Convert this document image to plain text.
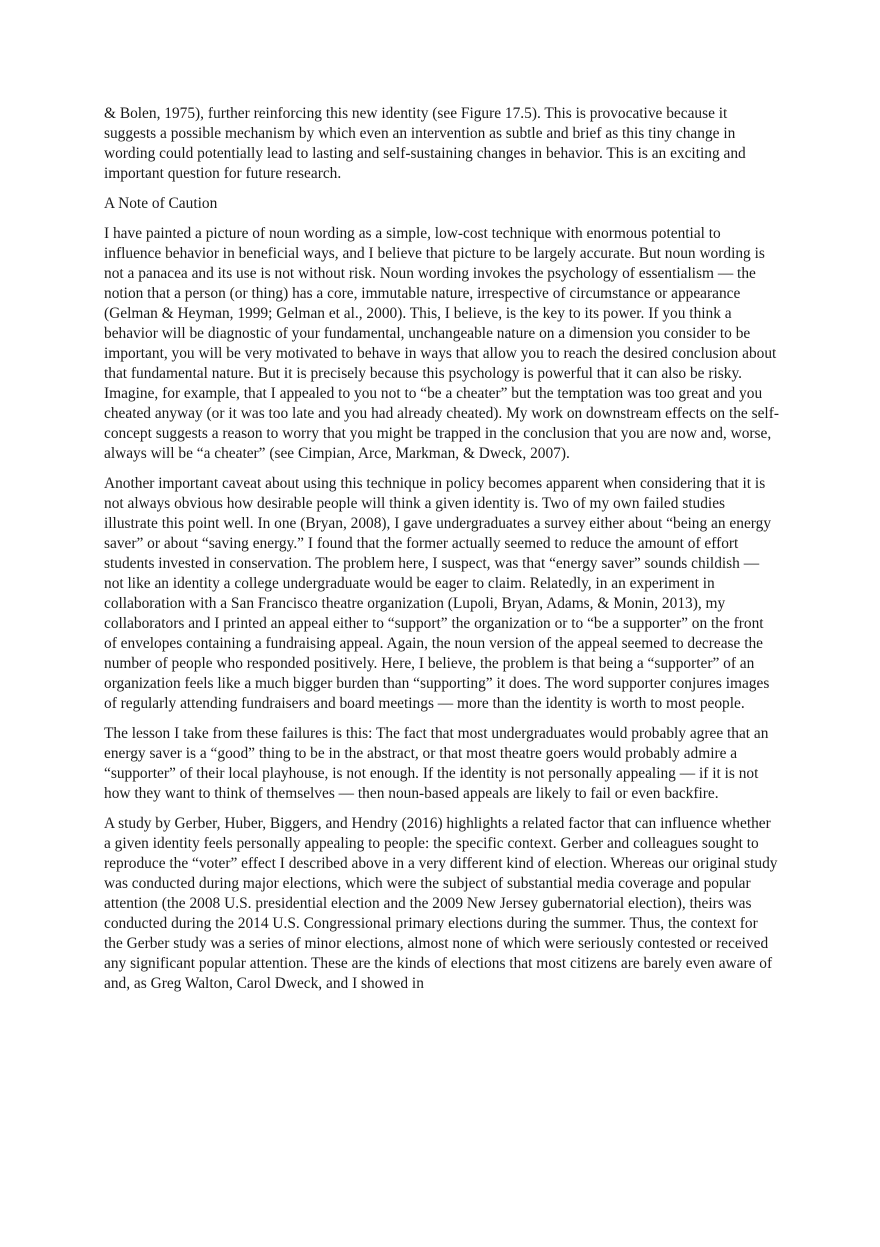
& Bolen, 1975), further reinforcing this new identity (see Figure 17.5). This is provocative because it suggests a possible mechanism by which even an intervention as subtle and brief as this tiny change in wording could potentially lead to lasting and self-sustaining changes in behavior. This is an exciting and important question for future research.

A Note of Caution

I have painted a picture of noun wording as a simple, low-cost technique with enormous potential to influence behavior in beneficial ways, and I believe that picture to be largely accurate. But noun wording is not a panacea and its use is not without risk. Noun wording invokes the psychology of essentialism — the notion that a person (or thing) has a core, immutable nature, irrespective of circumstance or appearance (Gelman & Heyman, 1999; Gelman et al., 2000). This, I believe, is the key to its power. If you think a behavior will be diagnostic of your fundamental, unchangeable nature on a dimension you consider to be important, you will be very motivated to behave in ways that allow you to reach the desired conclusion about that fundamental nature. But it is precisely because this psychology is powerful that it can also be risky. Imagine, for example, that I appealed to you not to “be a cheater” but the temptation was too great and you cheated anyway (or it was too late and you had already cheated). My work on downstream effects on the self-concept suggests a reason to worry that you might be trapped in the conclusion that you are now and, worse, always will be “a cheater” (see Cimpian, Arce, Markman, & Dweck, 2007).

Another important caveat about using this technique in policy becomes apparent when considering that it is not always obvious how desirable people will think a given identity is. Two of my own failed studies illustrate this point well. In one (Bryan, 2008), I gave undergraduates a survey either about “being an energy saver” or about “saving energy.” I found that the former actually seemed to reduce the amount of effort students invested in conservation. The problem here, I suspect, was that “energy saver” sounds childish — not like an identity a college undergraduate would be eager to claim. Relatedly, in an experiment in collaboration with a San Francisco theatre organization (Lupoli, Bryan, Adams, & Monin, 2013), my collaborators and I printed an appeal either to “support” the organization or to “be a supporter” on the front of envelopes containing a fundraising appeal. Again, the noun version of the appeal seemed to decrease the number of people who responded positively. Here, I believe, the problem is that being a “supporter” of an organization feels like a much bigger burden than “supporting” it does. The word supporter conjures images of regularly attending fundraisers and board meetings — more than the identity is worth to most people.

The lesson I take from these failures is this: The fact that most undergraduates would probably agree that an energy saver is a “good” thing to be in the abstract, or that most theatre goers would probably admire a “supporter” of their local playhouse, is not enough. If the identity is not personally appealing — if it is not how they want to think of themselves — then noun-based appeals are likely to fail or even backfire.

A study by Gerber, Huber, Biggers, and Hendry (2016) highlights a related factor that can influence whether a given identity feels personally appealing to people: the specific context. Gerber and colleagues sought to reproduce the “voter” effect I described above in a very different kind of election. Whereas our original study was conducted during major elections, which were the subject of substantial media coverage and popular attention (the 2008 U.S. presidential election and the 2009 New Jersey gubernatorial election), theirs was conducted during the 2014 U.S. Congressional primary elections during the summer. Thus, the context for the Gerber study was a series of minor elections, almost none of which were seriously contested or received any significant popular attention. These are the kinds of elections that most citizens are barely even aware of and, as Greg Walton, Carol Dweck, and I showed in
